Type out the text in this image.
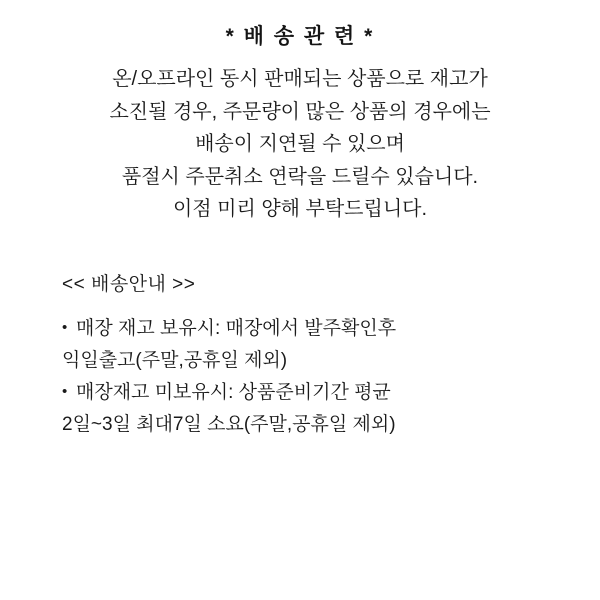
* 배 송 관 련 *
온/오프라인 동시 판매되는 상품으로 재고가
소진될 경우, 주문량이 많은 상품의 경우에는
배송이 지연될 수 있으며
품절시 주문취소 연락을 드릴수 있습니다.
이점 미리 양해 부탁드립니다.
<< 배송안내 >>
• 매장 재고 보유시: 매장에서 발주확인후
익일출고(주말,공휴일 제외)
• 매장재고 미보유시: 상품준비기간 평균
2일~3일 최대7일 소요(주말,공휴일 제외)
